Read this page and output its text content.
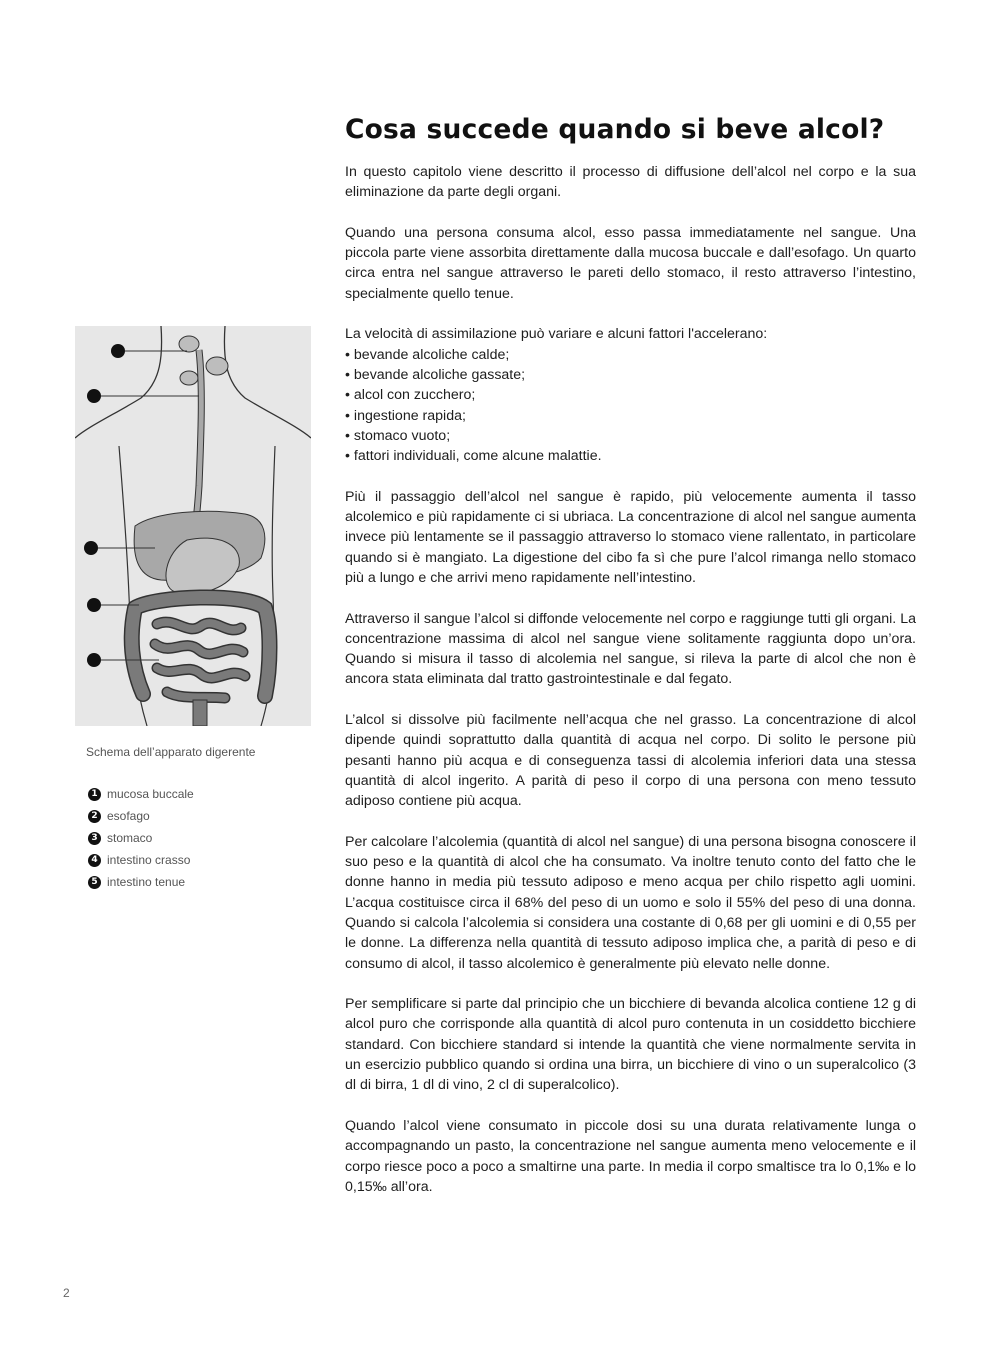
Cosa succede quando si beve alcol?

In questo capitolo viene descritto il processo di diffusione dell’alcol nel corpo e la sua eliminazione da parte degli organi.

Quando una persona consuma alcol, esso passa immediatamente nel sangue. Una piccola parte viene assorbita direttamente dalla mucosa buccale e dall’esofago. Un quarto circa entra nel sangue attraverso le pareti dello stomaco, il resto attraverso l’intestino, specialmente quello tenue.

La velocità di assimilazione può variare e alcuni fattori l'accelerano:

• bevande alcoliche calde;
• bevande alcoliche gassate;
• alcol con zucchero;
• ingestione rapida;
• stomaco vuoto;
• fattori individuali, come alcune malattie.

Più il passaggio dell’alcol nel sangue è rapido, più velocemente aumenta il tasso alcolemico e più rapidamente ci si ubriaca. La concentrazione di alcol nel sangue aumenta invece più lentamente se il passaggio attraverso lo stomaco viene rallentato, in particolare quando si è mangiato. La digestione del cibo fa sì che pure l’alcol rimanga nello stomaco più a lungo e che arrivi meno rapidamente nell’intestino.

Attraverso il sangue l’alcol si diffonde velocemente nel corpo e raggiunge tutti gli organi. La concentrazione massima di alcol nel sangue viene solitamente raggiunta dopo un’ora. Quando si misura il tasso di alcolemia nel sangue, si rileva la parte di alcol che non è ancora stata eliminata dal tratto gastrointestinale e dal fegato.

L’alcol si dissolve più facilmente nell’acqua che nel grasso. La concentrazione di alcol dipende quindi soprattutto dalla quantità di acqua nel corpo. Di solito le persone più pesanti hanno più acqua e di conseguenza tassi di alcolemia inferiori data una stessa quantità di alcol ingerito. A parità di peso il corpo di una persona con meno tessuto adiposo contiene più acqua.

Per calcolare l’alcolemia (quantità di alcol nel sangue) di una persona bisogna conoscere il suo peso e la quantità di alcol che ha consumato. Va inoltre tenuto conto del fatto che le donne hanno in media più tessuto adiposo e meno acqua per chilo rispetto agli uomini. L’acqua costituisce circa il 68% del peso di un uomo e solo il 55% del peso di una donna. Quando si calcola l’alcolemia si considera una costante di 0,68 per gli uomini e di 0,55 per le donne. La differenza nella quantità di tessuto adiposo implica che, a parità di peso e di consumo di alcol, il tasso alcolemico è generalmente più elevato nelle donne.

Per semplificare si parte dal principio che un bicchiere di bevanda alcolica contiene 12 g di alcol puro che corrisponde alla quantità di alcol puro contenuta in un cosiddetto bicchiere standard. Con bicchiere standard si intende la quantità che viene normalmente servita in un esercizio pubblico quando si ordina una birra, un bicchiere di vino o un superalcolico (3 dl di birra, 1 dl di vino, 2 cl di superalcolico).

Quando l’alcol viene consumato in piccole dosi su una durata relativamente lunga o accompagnando un pasto, la concentrazione nel sangue aumenta meno velocemente e il corpo riesce poco a poco a smaltirne una parte. In media il corpo smaltisce tra lo 0,1‰ e lo 0,15‰ all’ora.

Schema dell’apparato digerente
1 mucosa buccale
2 esofago
3 stomaco
4 intestino crasso
5 intestino tenue
2
